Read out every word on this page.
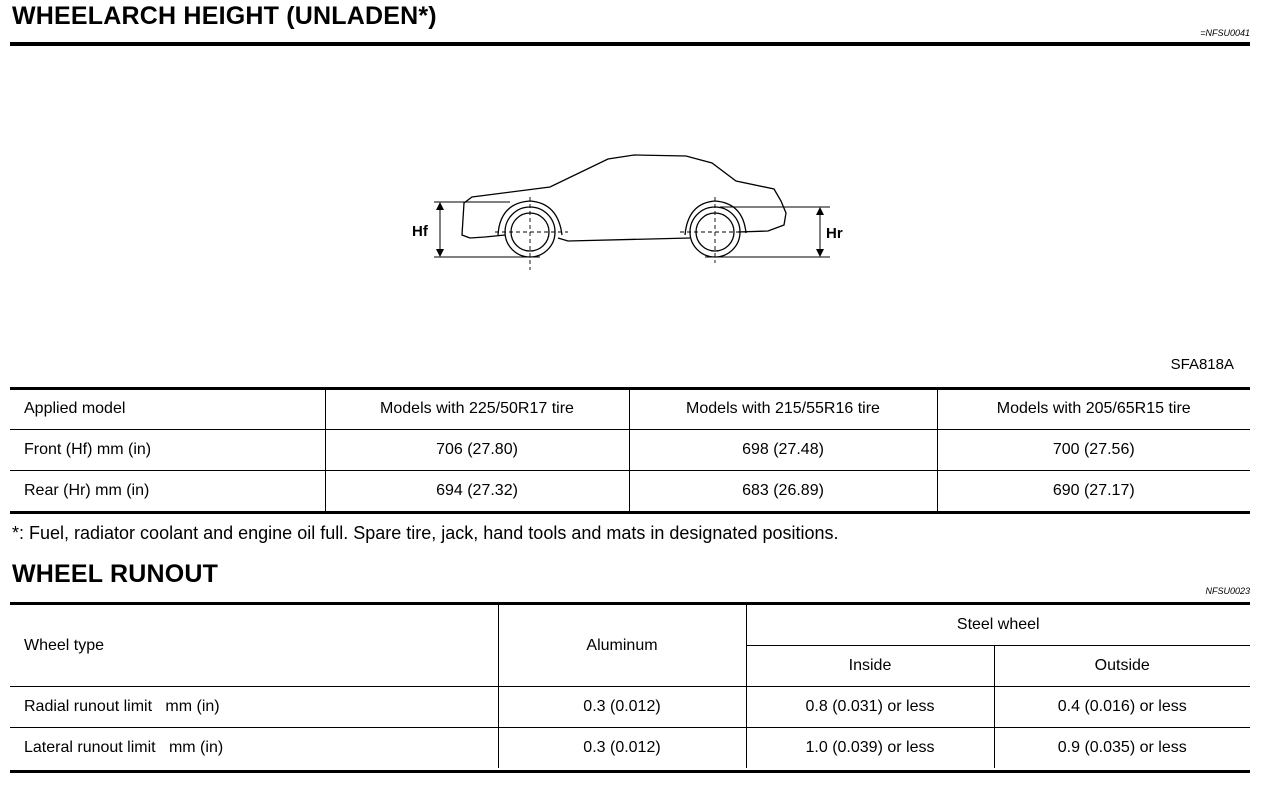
WHEELARCH HEIGHT (UNLADEN*)
=NFSU0041
Hf	Hr
SFA818A
Applied model	Models with 225/50R17 tire	Models with 215/55R16 tire	Models with 205/65R15 tire
Front (Hf) mm (in)	706 (27.80)	698 (27.48)	700 (27.56)
Rear (Hr) mm (in)	694 (27.32)	683 (26.89)	690 (27.17)
*: Fuel, radiator coolant and engine oil full. Spare tire, jack, hand tools and mats in designated positions.
WHEEL RUNOUT
NFSU0023
Wheel type	Aluminum	Steel wheel	
		Inside	Outside
Radial runout limit   mm (in)	0.3 (0.012)	0.8 (0.031) or less	0.4 (0.016) or less
Lateral runout limit   mm (in)	0.3 (0.012)	1.0 (0.039) or less	0.9 (0.035) or less
